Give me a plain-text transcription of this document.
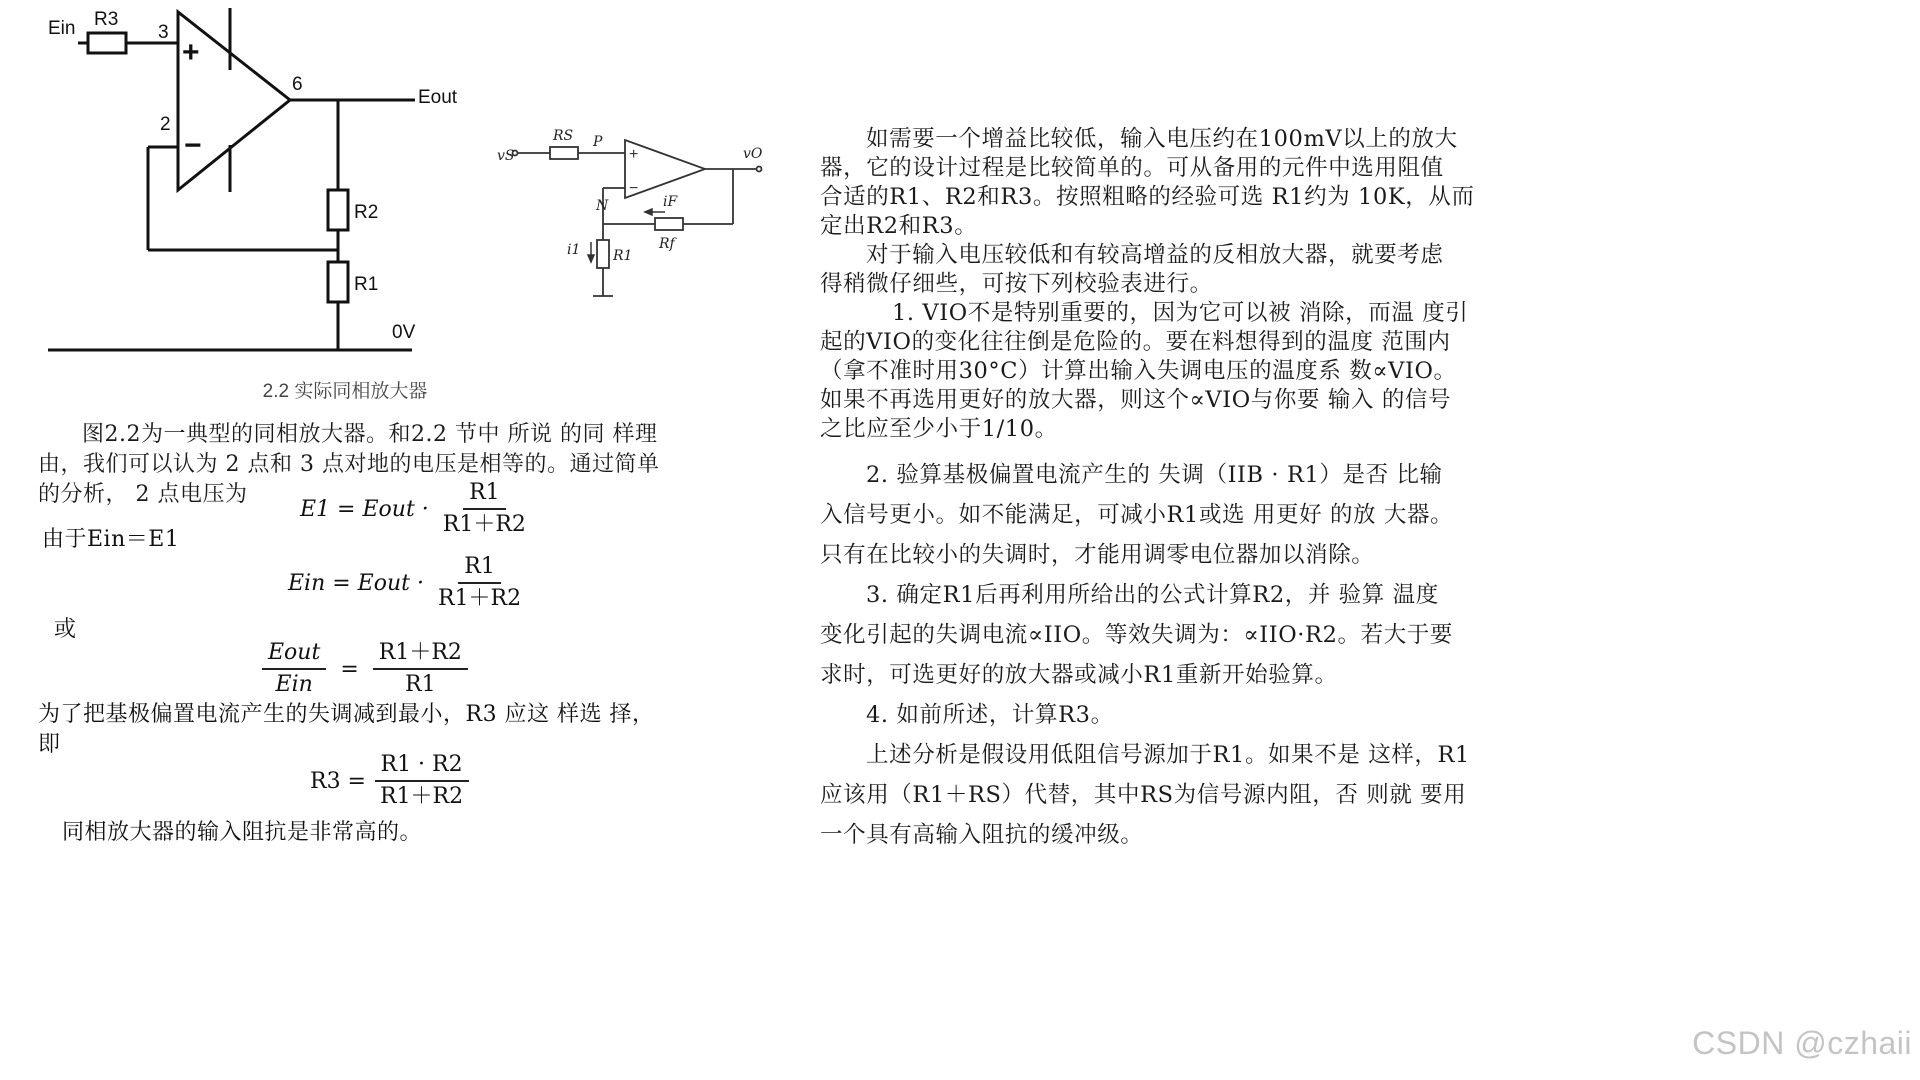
Ein R3
3
2
6
Eout
R2
R1
0V
+
−	vS
RS P
N
vO
iF
Rf
i1 R1
+
−
2.2 实际同相放大器

图2.2为一典型的同相放大器。和2.2 节中 所说 的同 样理

由，我们可以认为 2 点和 3 点对地的电压是相等的。通过简单

的分析， 2 点电压为

E1 = Eout · $\frac{R1}{R1+R2}$
由于Ein＝E1
Ein = Eout · $\frac{R1}{R1+R2}$
或
$\frac{\text{Eout}}{\text{Ein}} = \frac{R1+R2}{R1}$

为了把基极偏置电流产生的失调减到最小，R3 应这 样选 择，

即

$R3 = \frac{R1 \cdot R2}{R1+R2}$
同相放大器的输入阻抗是非常高的。

如需要一个增益比较低，输入电压约在100mV以上的放大

器，它的设计过程是比较简单的。可从备用的元件中选用阻值

合适的R1、R2和R3。按照粗略的经验可选 R1约为 10K，从而

定出R2和R3。

对于输入电压较低和有较高增益的反相放大器，就要考虑

得稍微仔细些，可按下列校验表进行。

1. VIO不是特别重要的，因为它可以被 消除，而温 度引

起的VIO的变化往往倒是危险的。要在料想得到的温度 范围内

（拿不准时用30°C）计算出输入失调电压的温度系 数∝VIO。

如果不再选用更好的放大器，则这个∝VIO与你要 输入 的信号

之比应至少小于1/10。

2. 验算基极偏置电流产生的 失调（IIB · R1）是否 比输

入信号更小。如不能满足，可减小R1或选 用更好 的放 大器。

只有在比较小的失调时，才能用调零电位器加以消除。

3. 确定R1后再利用所给出的公式计算R2，并 验算 温度

变化引起的失调电流∝IIO。等效失调为：∝IIO·R2。若大于要

求时，可选更好的放大器或减小R1重新开始验算。

4. 如前所述，计算R3。

上述分析是假设用低阻信号源加于R1。如果不是 这样，R1

应该用（R1＋RS）代替，其中RS为信号源内阻，否 则就 要用

一个具有高输入阻抗的缓冲级。

CSDN @czhaii
